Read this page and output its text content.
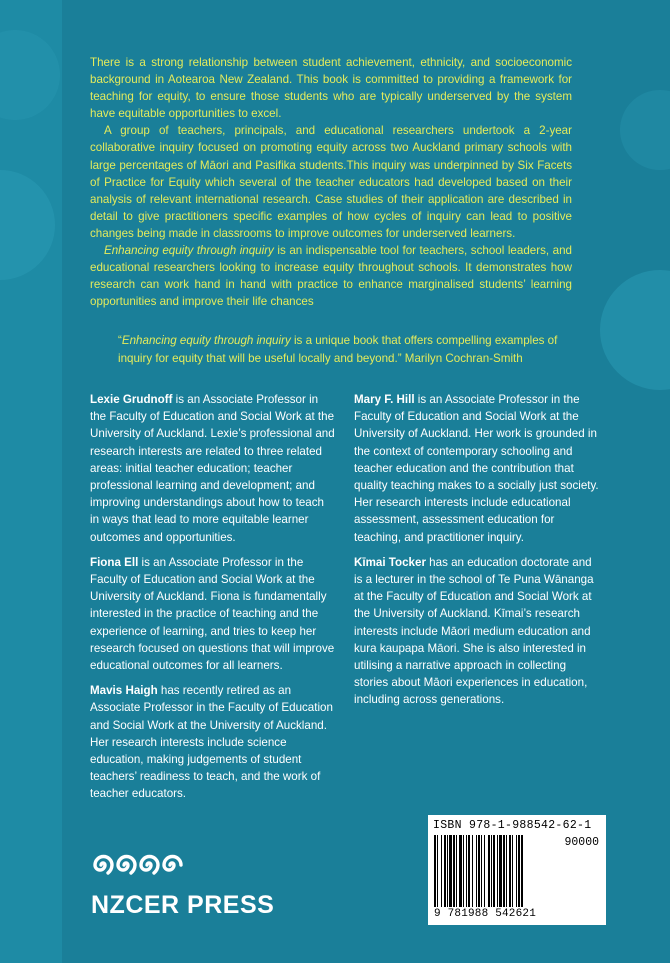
There is a strong relationship between student achievement, ethnicity, and socioeconomic background in Aotearoa New Zealand. This book is committed to providing a framework for teaching for equity, to ensure those students who are typically underserved by the system have equitable opportunities to excel.

A group of teachers, principals, and educational researchers undertook a 2-year collaborative inquiry focused on promoting equity across two Auckland primary schools with large percentages of Māori and Pasifika students.This inquiry was underpinned by Six Facets of Practice for Equity which several of the teacher educators had developed based on their analysis of relevant international research. Case studies of their application are described in detail to give practitioners specific examples of how cycles of inquiry can lead to positive changes being made in classrooms to improve outcomes for underserved learners.

Enhancing equity through inquiry is an indispensable tool for teachers, school leaders, and educational researchers looking to increase equity throughout schools. It demonstrates how research can work hand in hand with practice to enhance marginalised students’ learning opportunities and improve their life chances

“Enhancing equity through inquiry is a unique book that offers compelling examples of inquiry for equity that will be useful locally and beyond.” Marilyn Cochran-Smith

Lexie Grudnoff is an Associate Professor in the Faculty of Education and Social Work at the University of Auckland. Lexie’s professional and research interests are related to three related areas: initial teacher education; teacher professional learning and development; and improving understandings about how to teach in ways that lead to more equitable learner outcomes and opportunities.

Fiona Ell is an Associate Professor in the Faculty of Education and Social Work at the University of Auckland. Fiona is fundamentally interested in the practice of teaching and the experience of learning, and tries to keep her research focused on questions that will improve educational outcomes for all learners.

Mavis Haigh has recently retired as an Associate Professor in the Faculty of Education and Social Work at the University of Auckland. Her research interests include science education, making judgements of student teachers’ readiness to teach, and the work of teacher educators.

Mary F. Hill is an Associate Professor in the Faculty of Education and Social Work at the University of Auckland. Her work is grounded in the context of contemporary schooling and teacher education and the contribution that quality teaching makes to a socially just society. Her research interests include educational assessment, assessment education for teaching, and practitioner inquiry.

Kīmai Tocker has an education doctorate and is a lecturer in the school of Te Puna Wānanga at the Faculty of Education and Social Work at the University of Auckland. Kīmai’s research interests include Māori medium education and kura kaupapa Māori. She is also interested in utilising a narrative approach in collecting stories about Māori experiences in education, including across generations.

NZCER PRESS
ISBN 978-1-988542-62-1
90000
9 781988 542621
